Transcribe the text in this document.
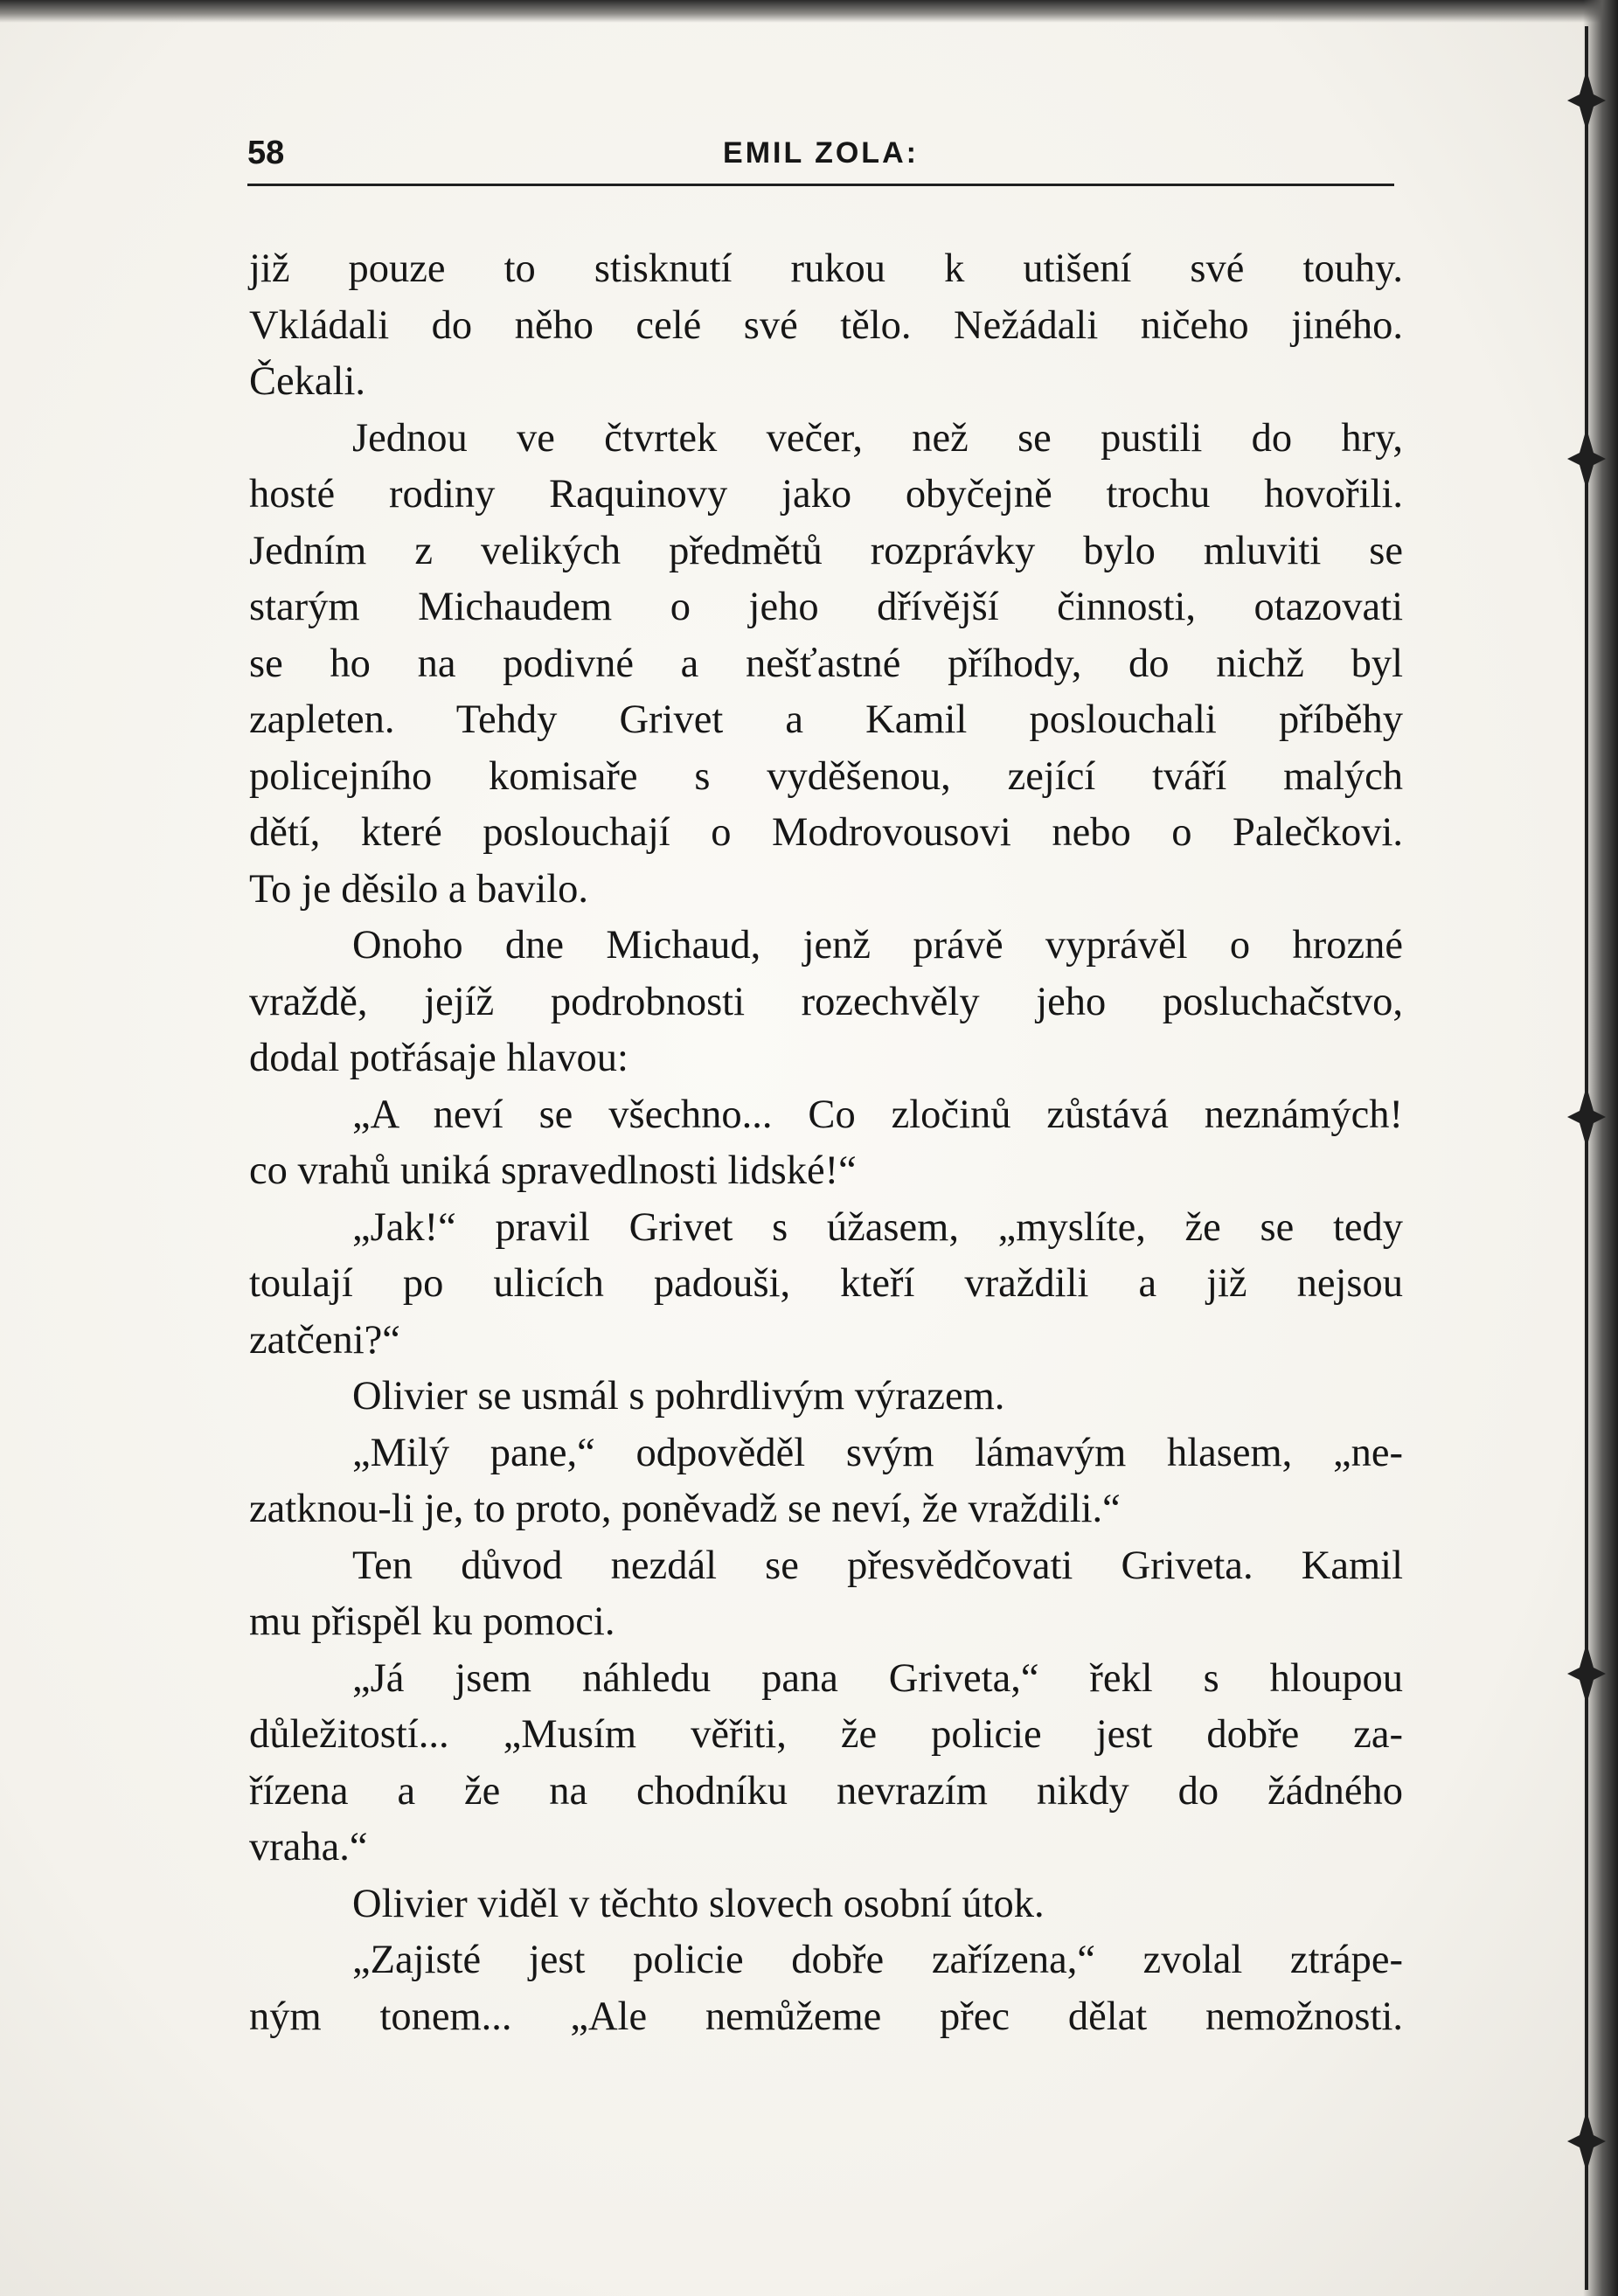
58	EMIL ZOLA:
již pouze to stisknutí rukou k utišení své touhy.
Vkládali do něho celé své tělo. Nežádali ničeho jiného.
Čekali.
Jednou ve čtvrtek večer, než se pustili do hry,
hosté rodiny Raquinovy jako obyčejně trochu hovořili.
Jedním z velikých předmětů rozprávky bylo mluviti se
starým Michaudem o jeho dřívější činnosti, otazovati
se ho na podivné a nešťastné příhody, do nichž byl
zapleten. Tehdy Grivet a Kamil poslouchali příběhy
policejního komisaře s vyděšenou, zející tváří malých
dětí, které poslouchají o Modrovousovi nebo o Palečkovi.
To je děsilo a bavilo.
Onoho dne Michaud, jenž právě vyprávěl o hrozné
vraždě, jejíž podrobnosti rozechvěly jeho posluchačstvo,
dodal potřásaje hlavou:
„A neví se všechno... Co zločinů zůstává neznámých!
co vrahů uniká spravedlnosti lidské!“
„Jak!“ pravil Grivet s úžasem, „myslíte, že se tedy
toulají po ulicích padouši, kteří vraždili a již nejsou
zatčeni?“
Olivier se usmál s pohrdlivým výrazem.
„Milý pane,“ odpověděl svým lámavým hlasem, „ne-
zatknou-li je, to proto, poněvadž se neví, že vraždili.“
Ten důvod nezdál se přesvědčovati Griveta. Kamil
mu přispěl ku pomoci.
„Já jsem náhledu pana Griveta,“ řekl s hloupou
důležitostí... „Musím věřiti, že policie jest dobře za-
řízena a že na chodníku nevrazím nikdy do žádného
vraha.“
Olivier viděl v těchto slovech osobní útok.
„Zajisté jest policie dobře zařízena,“ zvolal ztrápe-
ným tonem... „Ale nemůžeme přec dělat nemožnosti.
